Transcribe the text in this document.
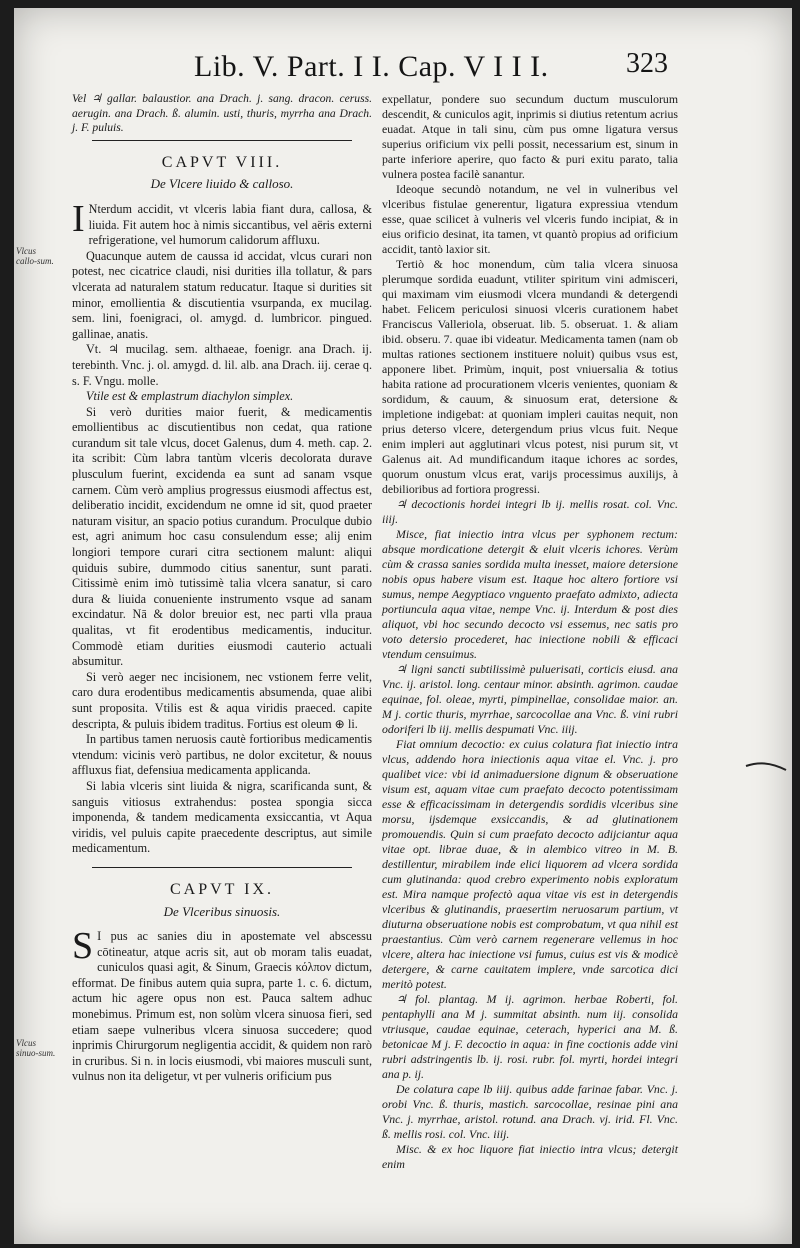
Lib. V. Part. I I. Cap. V I I I.	323
Vlcus callo-sum.
Vlcus sinuo-sum.

Vel ♃ gallar. balaustior. ana Drach. j. sang. dracon. ceruss. aerugin. ana Drach. ß. alumin. usti, thuris, myrrha ana Drach. j. F. puluis.

CAPVT VIII.
De Vlcere liuido & calloso.

I Nterdum accidit, vt vlceris labia fiant dura, callosa, & liuida. Fit autem hoc à nimis siccantibus, vel aëris externi refrigeratione, vel humorum calidorum affluxu.

Quacunque autem de caussa id accidat, vlcus curari non potest, nec cicatrice claudi, nisi durities illa tollatur, & pars vlcerata ad naturalem statum reducatur. Itaque si durities sit minor, emollientia & discutientia vsurpanda, ex mucilag. sem. lini, foenigraci, ol. amygd. d. lumbricor. pingued. gallinae, anatis.

Vt. ♃ mucilag. sem. althaeae, foenigr. ana Drach. ij. terebinth. Vnc. j. ol. amygd. d. lil. alb. ana Drach. iij. cerae q. s. F. Vngu. molle.

Vtile est & emplastrum diachylon simplex.

Si verò durities maior fuerit, & medicamentis emollientibus ac discutientibus non cedat, qua ratione curandum sit tale vlcus, docet Galenus, dum 4. meth. cap. 2. ita scribit: Cùm labra tantùm vlceris decolorata durave plusculum fuerint, excidenda ea sunt ad sanam vsque carnem. Cùm verò amplius progressus eiusmodi affectus est, deliberatio incidit, excidendum ne omne id sit, quod praeter naturam visitur, an spacio potius curandum. Proculque dubio est, agri animum hoc casu consulendum esse; alij enim longiori tempore curari citra sectionem malunt: aliqui quiduis subire, dummodo citius sanentur, sunt parati. Citissimè enim imò tutissimè talia vlcera sanatur, si caro dura & liuida conueniente instrumento vsque ad sanam excindatur. Nā & dolor breuior est, nec parti vlla praua qualitas, vt fit erodentibus medicamentis, inducitur. Commodè etiam durities eiusmodi cauterio actuali absumitur.

Si verò aeger nec incisionem, nec vstionem ferre velit, caro dura erodentibus medicamentis absumenda, quae alibi sunt proposita. Vtilis est & aqua viridis praeced. capite descripta, & puluis ibidem traditus. Fortius est oleum ⊕ li.

In partibus tamen neruosis cautè fortioribus medicamentis vtendum: vicinis verò partibus, ne dolor excitetur, & nouus affluxus fiat, defensiua medicamenta applicanda.

Si labia vlceris sint liuida & nigra, scarificanda sunt, & sanguis vitiosus extrahendus: postea spongia sicca imponenda, & tandem medicamenta exsiccantia, vt Aqua viridis, vel puluis capite praecedente descriptus, aut simile medicamentum.

CAPVT IX.
De Vlceribus sinuosis.

S I pus ac sanies diu in apostemate vel abscessu cōtineatur, atque acris sit, aut ob moram talis euadat, cuniculos quasi agit, & Sinum, Graecis κόλπον dictum, efformat. De finibus autem quia supra, parte 1. c. 6. dictum, actum hic agere opus non est. Pauca saltem adhuc monebimus. Primum est, non solùm vlcera sinuosa fieri, sed etiam saepe vulneribus vlcera sinuosa succedere; quod inprimis Chirurgorum negligentia accidit, & quidem non rarò in cruribus. Si n. in locis eiusmodi, vbi maiores musculi sunt, vulnus non ita deligetur, vt per vulneris orificium pus

expellatur, pondere suo secundum ductum musculorum descendit, & cuniculos agit, inprimis si diutius retentum acrius euadat. Atque in tali sinu, cùm pus omne ligatura versus superius orificium vix pelli possit, necessarium est, sinum in parte inferiore aperire, quo facto & puri exitu parato, talia vulnera postea facilè sanantur.

Ideoque secundò notandum, ne vel in vulneribus vel vlceribus fistulae generentur, ligatura expressiua vtendum esse, quae scilicet à vulneris vel vlceris fundo incipiat, & in eius orificio desinat, ita tamen, vt quantò propius ad orificium accidit, tantò laxior sit.

Tertiò & hoc monendum, cùm talia vlcera sinuosa plerumque sordida euadunt, vtiliter spiritum vini admisceri, qui maximam vim eiusmodi vlcera mundandi & detergendi habet. Felicem periculosi sinuosi vlceris curationem habet Franciscus Valleriola, obseruat. lib. 5. obseruat. 1. & aliam ibid. obseru. 7. quae ibi videatur. Medicamenta tamen (nam ob multas rationes sectionem instituere noluit) quibus vsus est, apponere libet. Primùm, inquit, post vniuersalia & totius habita ratione ad procurationem vlceris venientes, quoniam & sordidum, & cauum, & sinuosum erat, detersione & impletione indigebat: at quoniam impleri cauitas nequit, non prius deterso vlcere, detergendum prius vlcus fuit. Neque enim impleri aut agglutinari vlcus potest, nisi purum sit, vt Galenus ait. Ad mundificandum itaque ichores ac sordes, quorum onustum vlcus erat, varijs processimus auxilijs, à debilioribus ad fortiora progressi.

♃ decoctionis hordei integri lb ij. mellis rosat. col. Vnc. iiij.

Misce, fiat iniectio intra vlcus per syphonem rectum: absque mordicatione detergit & eluit vlceris ichores. Verùm cùm & crassa sanies sordida multa inesset, maiore detersione nobis opus habere visum est. Itaque hoc altero fortiore vsi sumus, nempe Aegyptiaco vnguento praefato admixto, adiecta portiuncula aqua vitae, nempe Vnc. ij. Interdum & post dies aliquot, vbi hoc secundo decocto vsi essemus, nec satis pro voto detersio procederet, hac iniectione nobili & efficaci vtendum censuimus.

♃ ligni sancti subtilissimè puluerisati, corticis eiusd. ana Vnc. ij. aristol. long. centaur minor. absinth. agrimon. caudae equinae, fol. oleae, myrti, pimpinellae, consolidae maior. an. M j. cortic thuris, myrrhae, sarcocollae ana Vnc. ß. vini rubri odoriferi lb iij. mellis despumati Vnc. iiij.

Fiat omnium decoctio: ex cuius colatura fiat iniectio intra vlcus, addendo hora iniectionis aqua vitae el. Vnc. j. pro qualibet vice: vbi id animaduersione dignum & obseruatione visum est, aquam vitae cum praefato decocto potentissimam esse & efficacissimam in detergendis sordidis vlceribus sine morsu, ijsdemque exsiccandis, & ad glutinationem promouendis. Quin si cum praefato decocto adijciantur aqua vitae opt. librae duae, & in alembico vitreo in M. B. destillentur, mirabilem inde elici liquorem ad vlcera sordida cum glutinanda: quod crebro experimento nobis exploratum est. Mira namque profectò aqua vitae vis est in detergendis vlceribus & glutinandis, praesertim neruosarum partium, vt diuturna obseruatione nobis est comprobatum, vt qua nihil est praestantius. Cùm verò carnem regenerare vellemus in hoc vlcere, altera hac iniectione vsi fumus, cuius est vis & modicè detergere, & carne cauitatem implere, vnde sarcotica dici meritò potest.

♃ fol. plantag. M ij. agrimon. herbae Roberti, fol. pentaphylli ana M j. summitat absinth. num iij. consolida vtriusque, caudae equinae, ceterach, hyperici ana M. ß. betonicae M j. F. decoctio in aqua: in fine coctionis adde vini rubri adstringentis lb. ij. rosi. rubr. fol. myrti, hordei integri ana p. ij.

De colatura cape lb iiij. quibus adde farinae fabar. Vnc. j. orobi Vnc. ß. thuris, mastich. sarcocollae, resinae pini ana Vnc. j. myrrhae, aristol. rotund. ana Drach. vj. irid. Fl. Vnc. ß. mellis rosi. col. Vnc. iiij.

Misc. & ex hoc liquore fiat iniectio intra vlcus; detergit enim
